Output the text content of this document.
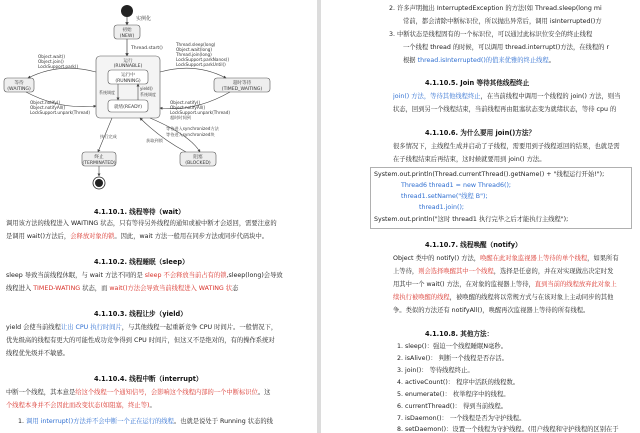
实例化
初始
(NEW)
Thread.start()
运行
(RUNNABLE)
运行中
(RUNNING)
就绪(READY)
系统调度
yield()
系统调度
等待
(WAITING)
Object.wait()
Object.join()
LockSupport.park()
Object.notify()
Object.notifyAll()
LockSupport.unpark(Thread)
超时等待
(TIMED_WAITING)
Thread.sleep(long)
Object.wait(long)
Thread.join(long)
LockSupport.parkNanos()
LockSupport.parkUntil()
Object.notify()
Object.notifyAll()
LockSupport.unpark(Thread)
超时时间到
执行完成
终止
(TERMINATED)
等待进入synchronized方法
等待进入synchronized块
获取到锁
阻塞
(BLOCKED)
4.1.10.1. 线程等待（wait）
调用该方法的线程进入 WAITING 状态，只有等待另外线程的通知或被中断才会返回，需要注意的
是调用 wait()方法后，会释放对象的锁。因此，wait 方法一般用在同步方法或同步代码块中。
4.1.10.2. 线程睡眠（sleep）
sleep 导致当前线程休眠，与 wait 方法不同的是 sleep 不会释放当前占有的锁,sleep(long)会导致
线程进入 TIMED-WATING 状态，而 wait()方法会导致当前线程进入 WATING 状态
4.1.10.3. 线程让步（yield）
yield 会使当前线程让出 CPU 执行时间片，与其他线程一起重新竞争 CPU 时间片。一般情况下，
优先级高的线程有更大的可能性成功竞争得到 CPU 时间片，但这又不是绝对的，有的操作系统对
线程优先级并不敏感。
4.1.10.4. 线程中断（interrupt）
中断一个线程，其本意是给这个线程一个通知信号，会影响这个线程内部的一个中断标识位。这
个线程本身并不会因此而改变状态(如阻塞，终止等)。
1. 调用 interrupt()方法并不会中断一个正在运行的线程。也就是说处于 Running 状态的线
2. 许多声明抛出 InterruptedException 的方法(如 Thread.sleep(long mi
常前，都会清除中断标识位，所以抛出异常后，调用 isInterrupted()方
3. 中断状态是线程固有的一个标识位，可以通过此标识位安全的终止线程
一个线程 thread 的时候，可以调用 thread.interrupt()方法，在线程的 r
根据 thread.isInterrupted()的值来优雅的终止线程。
4.1.10.5. Join 等待其他线程终止
join() 方法，等待其他线程终止，在当前线程中调用一个线程的 join() 方法，则当
状态，回到另一个线程结束，当前线程再由阻塞状态变为就绪状态，等待 cpu 的
4.1.10.6. 为什么要用 join()方法？
很多情况下，主线程生成并启动了子线程，需要用到子线程返回的结果，也就是需
在子线程结束后再结束，这时候就要用到 join() 方法。
System.out.println(Thread.currentThread().getName() + "线程运行开始!");
Thread6 thread1 = new Thread6();
thread1.setName("线程 B");
thread1.join();
System.out.println("这时 thread1 执行完毕之后才能执行主线程");
4.1.10.7. 线程唤醒（notify）
Object 类中的 notify() 方法，唤醒在此对象监视器上等待的单个线程，如果所有
上等待，则会选择唤醒其中一个线程，选择是任意的，并在对实现做出决定时发
用其中一个 wait() 方法，在对象的监视器上等待，直到当前的线程放弃此对象上
续执行被唤醒的线程，被唤醒的线程将以常规方式与在该对象上主动同步的其他
争。类似的方法还有 notifyAll()，唤醒再次监视器上等待的所有线程。
4.1.10.8. 其他方法：
1. sleep()：强迫一个线程睡眠N毫秒。
2. isAlive()： 判断一个线程是否存活。
3. join()： 等待线程终止。
4. activeCount()： 程序中活跃的线程数。
5. enumerate()： 枚举程序中的线程。
6. currentThread()： 得到当前线程。
7. isDaemon()： 一个线程是否为守护线程。
8. setDaemon()：设置一个线程为守护线程。(用户线程和守护线程的区别在于
